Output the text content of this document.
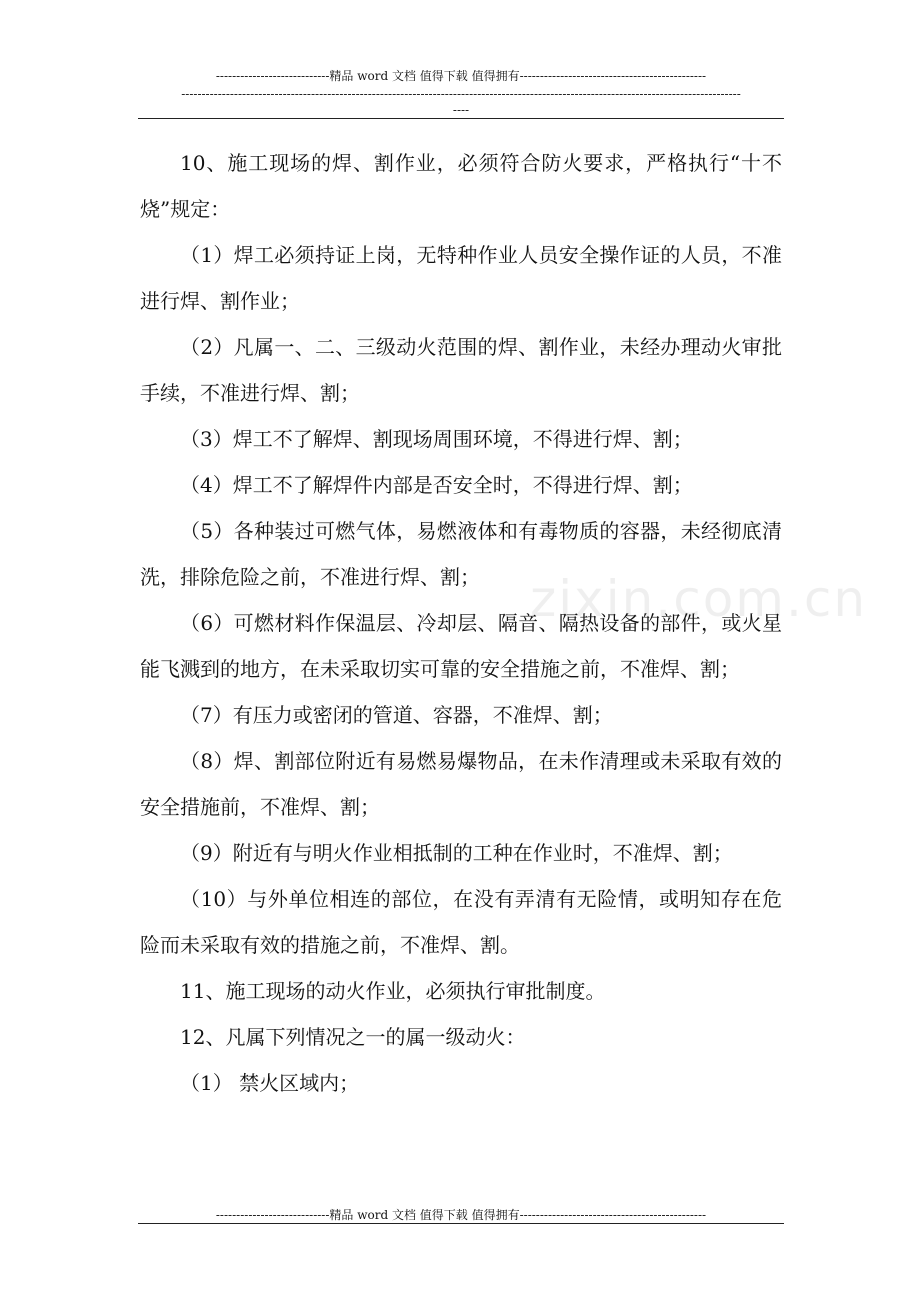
----------------------------精品 word 文档 值得下载 值得拥有----------------------------------------------
------------------------------------------------------------------------------------------------------------------------------------------
----
zixin.com.cn

10、施工现场的焊、割作业，必须符合防火要求，严格执行“十不烧”规定：

（1）焊工必须持证上岗，无特种作业人员安全操作证的人员，不准进行焊、割作业；

（2）凡属一、二、三级动火范围的焊、割作业，未经办理动火审批手续，不准进行焊、割；

（3）焊工不了解焊、割现场周围环境，不得进行焊、割；

（4）焊工不了解焊件内部是否安全时，不得进行焊、割；

（5）各种装过可燃气体，易燃液体和有毒物质的容器，未经彻底清洗，排除危险之前，不准进行焊、割；

（6）可燃材料作保温层、冷却层、隔音、隔热设备的部件，或火星能飞溅到的地方，在未采取切实可靠的安全措施之前，不准焊、割；

（7）有压力或密闭的管道、容器，不准焊、割；

（8）焊、割部位附近有易燃易爆物品，在未作清理或未采取有效的安全措施前，不准焊、割；

（9）附近有与明火作业相抵制的工种在作业时，不准焊、割；

（10）与外单位相连的部位，在没有弄清有无险情，或明知存在危险而未采取有效的措施之前，不准焊、割。

11、施工现场的动火作业，必须执行审批制度。

12、凡属下列情况之一的属一级动火：

（1） 禁火区域内；

----------------------------精品 word 文档 值得下载 值得拥有----------------------------------------------
